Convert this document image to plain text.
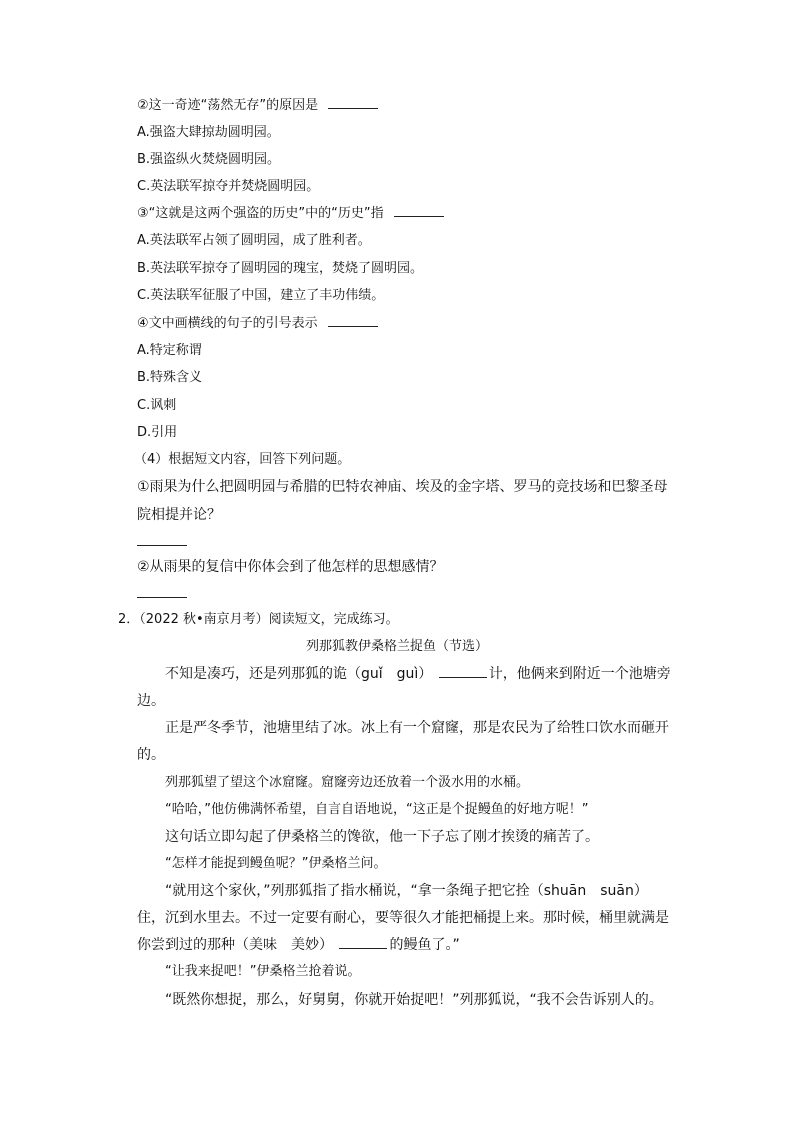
②这一奇迹“荡然无存”的原因是
A.强盗大肆掠劫圆明园。
B.强盗纵火焚烧圆明园。
C.英法联军掠夺并焚烧圆明园。
③“这就是这两个强盗的历史”中的“历史”指
A.英法联军占领了圆明园，成了胜利者。
B.英法联军掠夺了圆明园的瑰宝，焚烧了圆明园。
C.英法联军征服了中国，建立了丰功伟绩。
④文中画横线的句子的引号表示
A.特定称谓
B.特殊含义
C.讽刺
D.引用
（4）根据短文内容，回答下列问题。
①雨果为什么把圆明园与希腊的巴特农神庙、埃及的金字塔、罗马的竞技场和巴黎圣母
院相提并论？
②从雨果的复信中你体会到了他怎样的思想感情？
2．（2022 秋•南京月考）阅读短文，完成练习。
列那狐教伊桑格兰捉鱼（节选）
不知是凑巧，还是列那狐的诡（guǐ　guì）	计，他俩来到附近一个池塘旁
边。
正是严冬季节，池塘里结了冰。冰上有一个窟窿，那是农民为了给牲口饮水而砸开
的。
列那狐望了望这个冰窟窿。窟窿旁边还放着一个汲水用的水桶。
“哈哈，”他仿佛满怀希望，自言自语地说，“这正是个捉鳗鱼的好地方呢！”
这句话立即勾起了伊桑格兰的馋欲，他一下子忘了刚才挨烫的痛苦了。
“怎样才能捉到鳗鱼呢？”伊桑格兰问。
“就用这个家伙，”列那狐指了指水桶说，“拿一条绳子把它拴（shuān　suān）
住，沉到水里去。不过一定要有耐心，要等很久才能把桶提上来。那时候，桶里就满是
你尝到过的那种（美味　美妙）	的鳗鱼了。”
“让我来捉吧！”伊桑格兰抢着说。
“既然你想捉，那么，好舅舅，你就开始捉吧！”列那狐说，“我不会告诉别人的。
